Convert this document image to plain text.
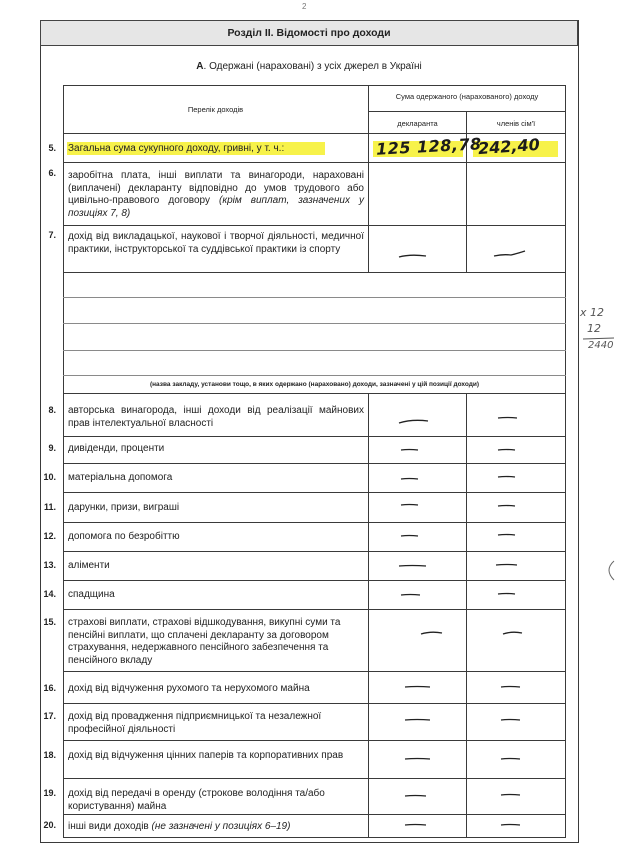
2
Розділ II. Відомості про доходи
А. Одержані (нараховані) з усіх джерел в Україні
Перелік доходів
Сума одержаного (нарахованого) доходу
декларанта	членів сім'ї
(назва закладу, установи тощо, в яких одержано (нараховано) доходи, зазначені у цій позиції доходи)
5.
6.
7.
8.
9.
10.
11.
12.
13.
14.
15.
16.
17.
18.
19.
20.
Загальна сума сукупного доходу, гривні, у т. ч.:
заробітна плата, інші виплати та винагороди, нараховані (виплачені) декларанту відповідно до умов трудового або цивільно-правового договору (крім виплат, зазначених у позиціях 7, 8)
дохід від викладацької, наукової і творчої діяльності, медичної практики, інструкторської та суддівської практики із спорту
авторська винагорода, інші доходи від реалізації майнових прав інтелектуальної власності
дивіденди, проценти
матеріальна допомога
дарунки, призи, виграші
допомога по безробіттю
аліменти
спадщина
страхові виплати, страхові відшкодування, викупні суми та пенсійні виплати, що сплачені декларанту за договором страхування, недержавного пенсійного забезпечення та пенсійного вкладу
дохід від відчуження рухомого та нерухомого майна
дохід від провадження підприємницької та незалежної професійної діяльності
дохід від відчуження цінних паперів та корпоративних прав
дохід від передачі в оренду (строкове володіння та/або користування) майна
інші види доходів (не зазначені у позиціях 6–19)
125 128,78
242,40
х 12
12
2440
